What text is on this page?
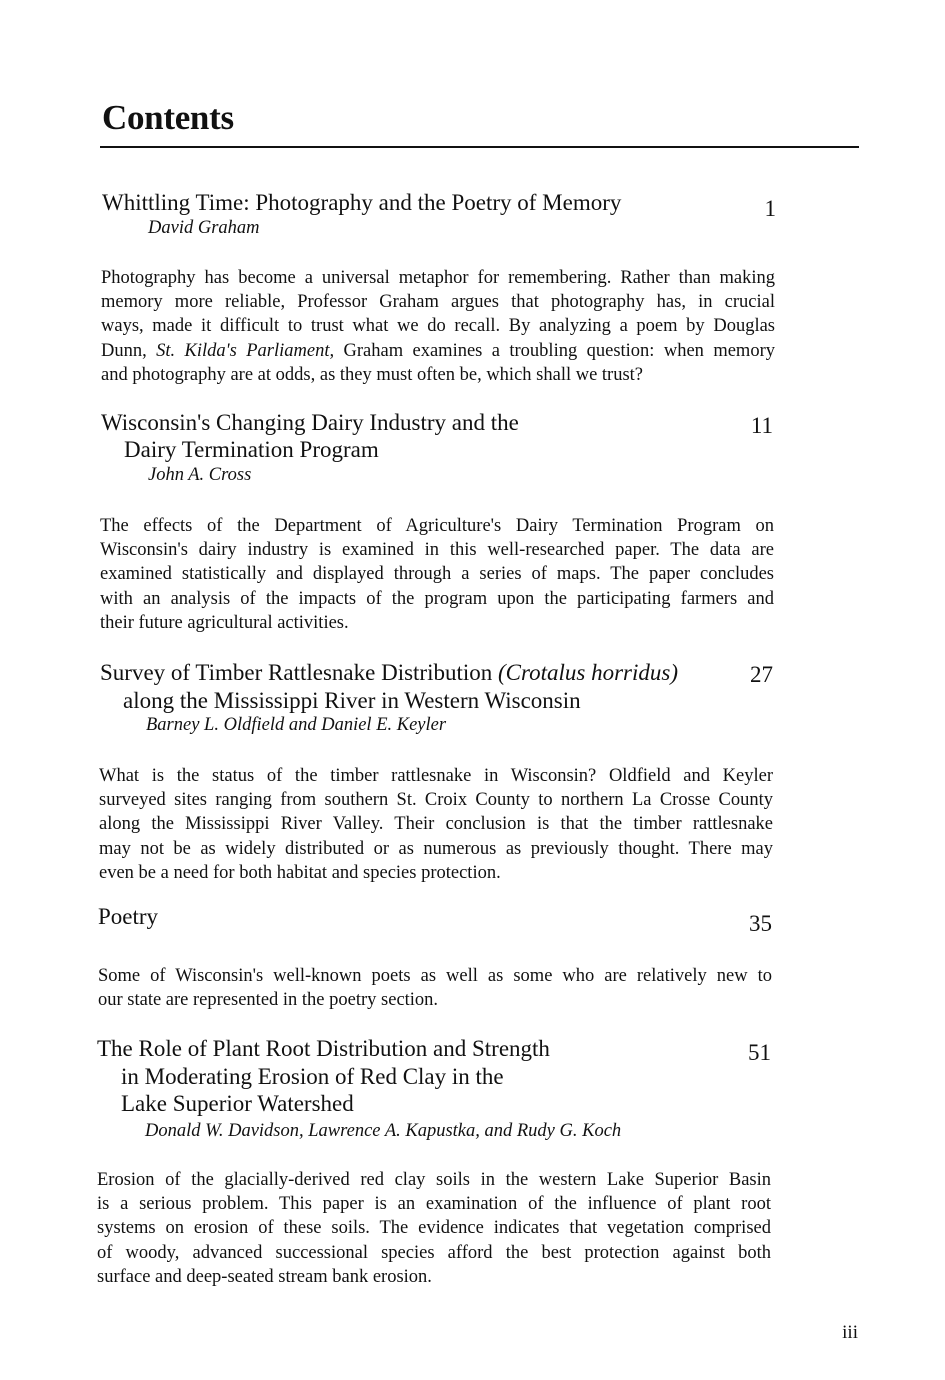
Contents
Whittling Time: Photography and the Poetry of Memory	1
David Graham
Photography has become a universal metaphor for remembering. Rather than making
memory more reliable, Professor Graham argues that photography has, in crucial
ways, made it difficult to trust what we do recall. By analyzing a poem by Douglas
Dunn, St. Kilda's Parliament, Graham examines a troubling question: when memory
and photography are at odds, as they must often be, which shall we trust?
Wisconsin's Changing Dairy Industry and the
Dairy Termination Program
11
John A. Cross
The effects of the Department of Agriculture's Dairy Termination Program on
Wisconsin's dairy industry is examined in this well-researched paper. The data are
examined statistically and displayed through a series of maps. The paper concludes
with an analysis of the impacts of the program upon the participating farmers and
their future agricultural activities.
Survey of Timber Rattlesnake Distribution (Crotalus horridus)
along the Mississippi River in Western Wisconsin
27
Barney L. Oldfield and Daniel E. Keyler
What is the status of the timber rattlesnake in Wisconsin? Oldfield and Keyler
surveyed sites ranging from southern St. Croix County to northern La Crosse County
along the Mississippi River Valley. Their conclusion is that the timber rattlesnake
may not be as widely distributed or as numerous as previously thought. There may
even be a need for both habitat and species protection.
Poetry	35
Some of Wisconsin's well-known poets as well as some who are relatively new to
our state are represented in the poetry section.
The Role of Plant Root Distribution and Strength
in Moderating Erosion of Red Clay in the
Lake Superior Watershed
51
Donald W. Davidson, Lawrence A. Kapustka, and Rudy G. Koch
Erosion of the glacially-derived red clay soils in the western Lake Superior Basin
is a serious problem. This paper is an examination of the influence of plant root
systems on erosion of these soils. The evidence indicates that vegetation comprised
of woody, advanced successional species afford the best protection against both
surface and deep-seated stream bank erosion.
iii
